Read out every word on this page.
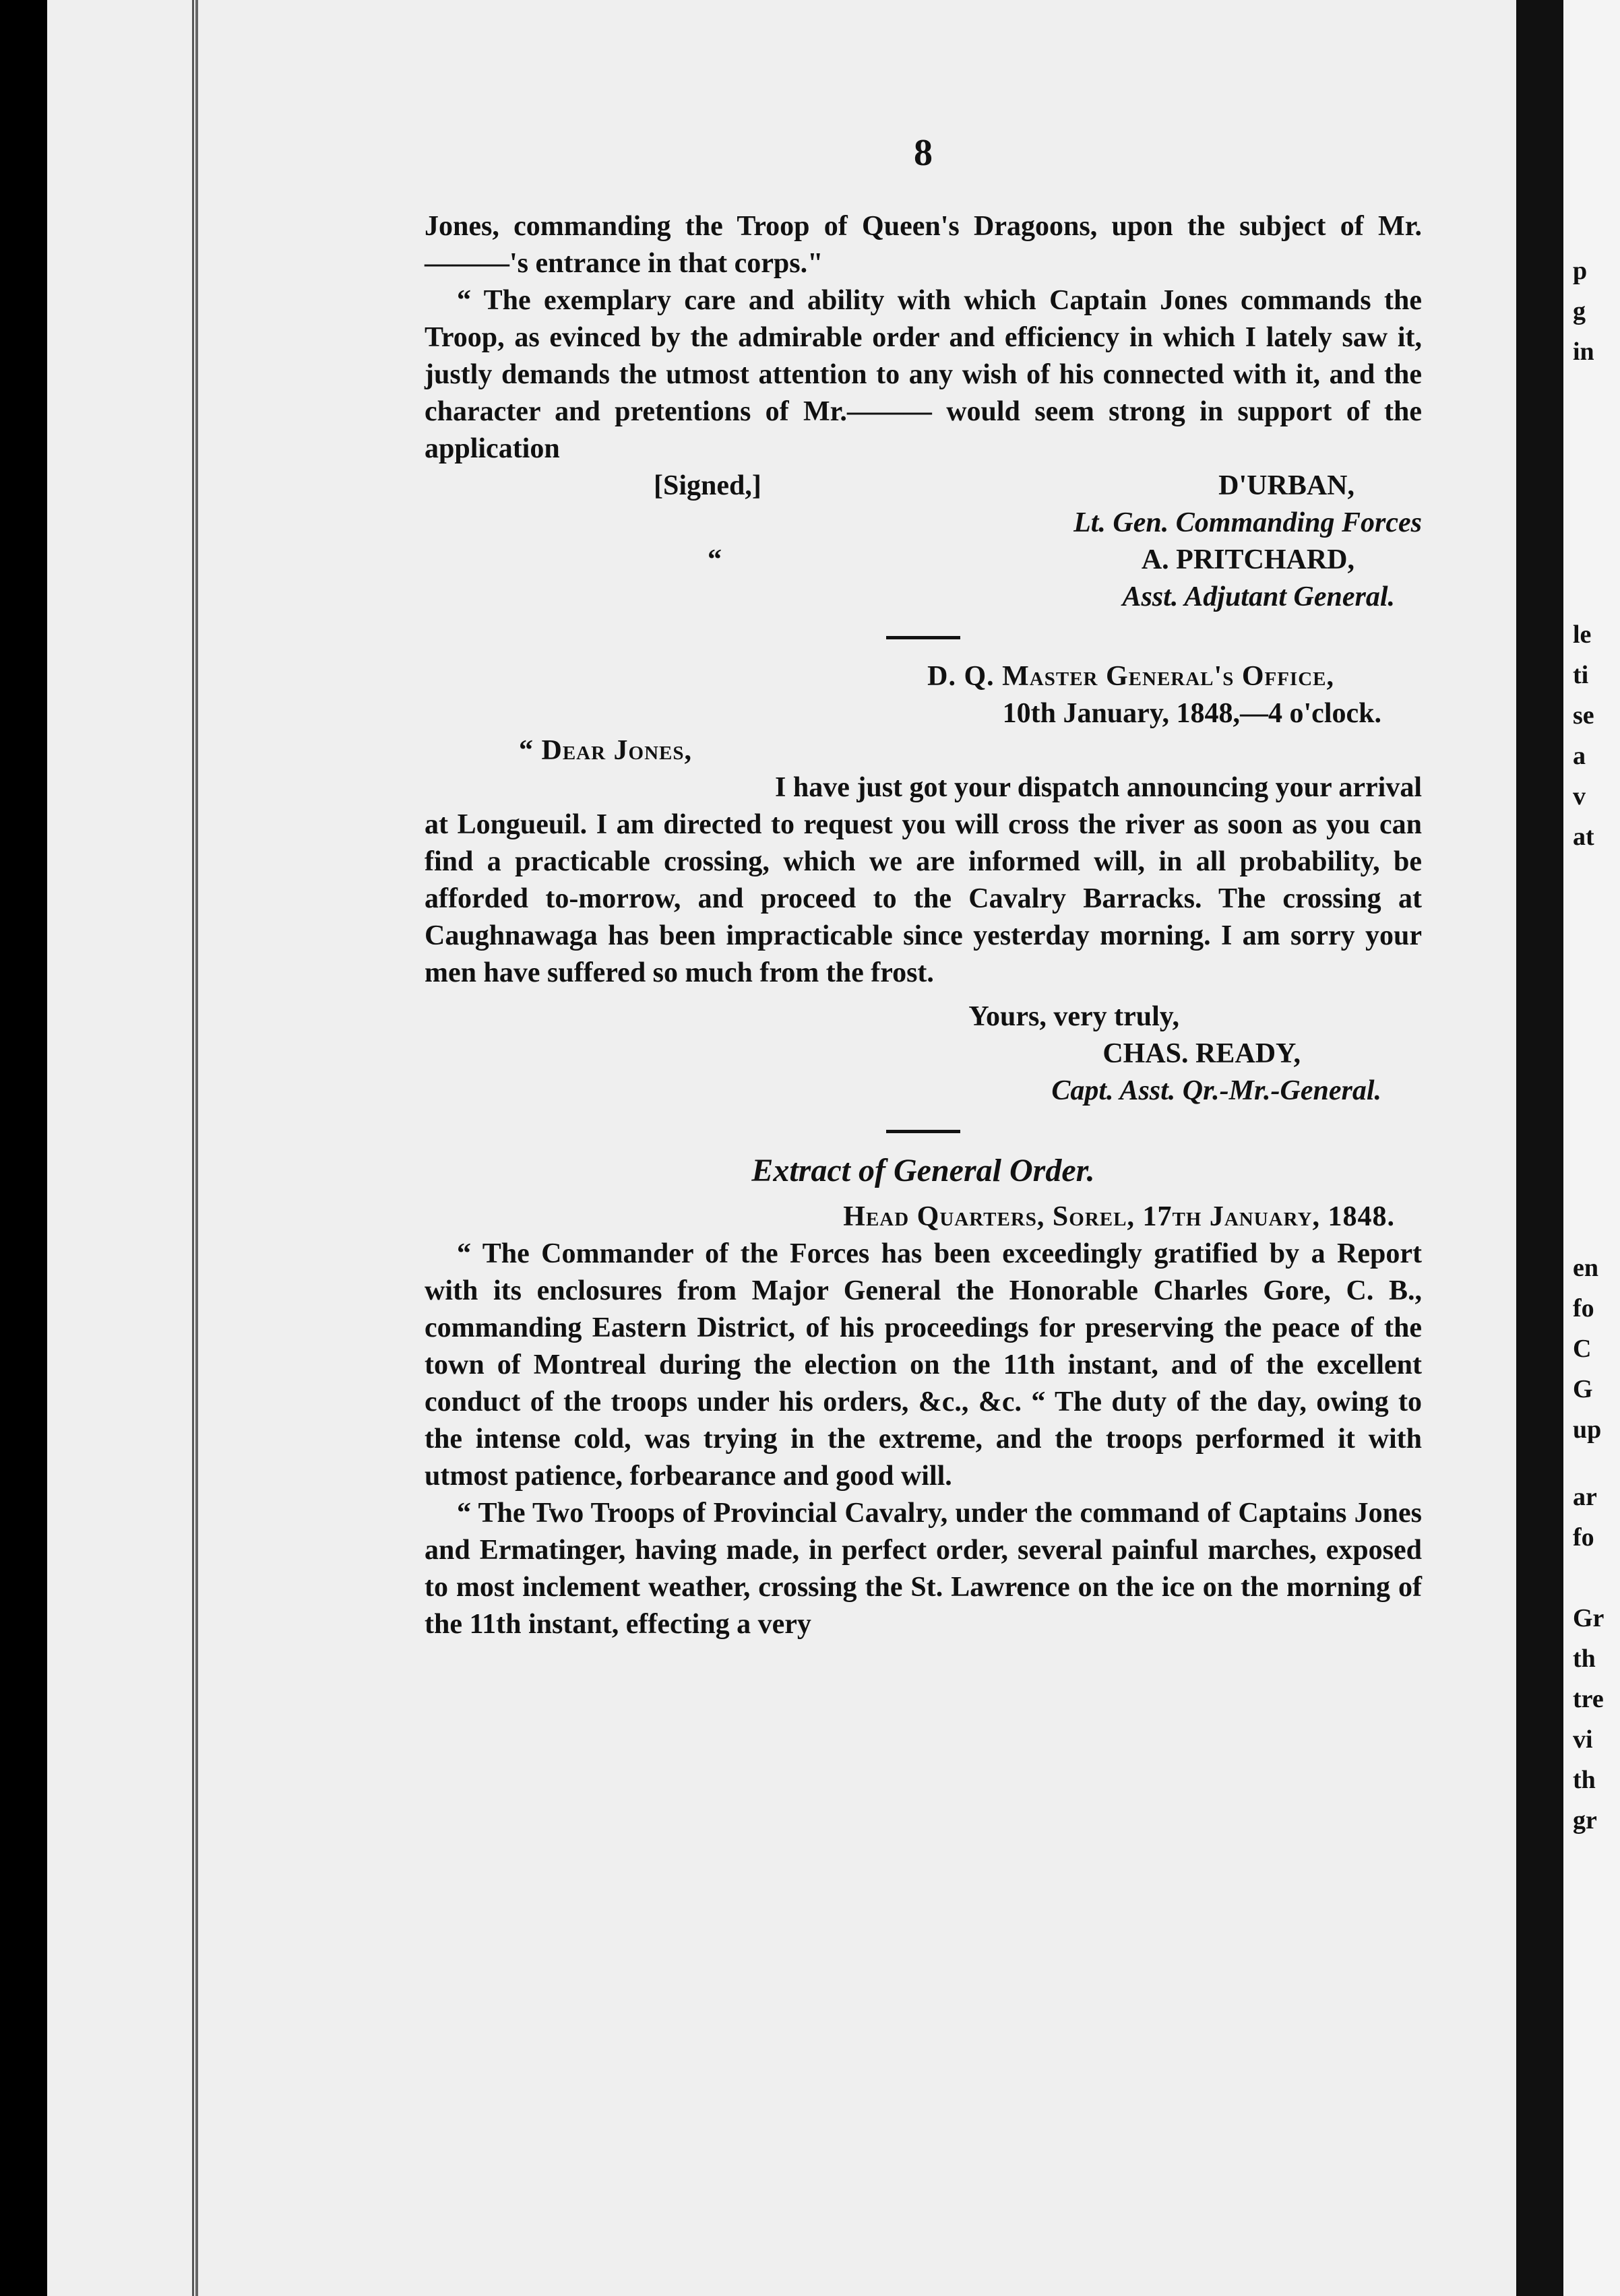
p
g
in
le
ti
se
a
v
at
en
fo
C
G
up
ar
fo
Gr
th
tre
vi
th
gr
8

Jones, commanding the Troop of Queen's Dragoons, upon the subject of Mr. ———'s entrance in that corps."

“ The exemplary care and ability with which Captain Jones commands the Troop, as evinced by the admirable order and efficiency in which I lately saw it, justly demands the utmost attention to any wish of his connected with it, and the character and pretentions of Mr.——— would seem strong in support of the application

[Signed,]	D'URBAN,
Lt. Gen. Commanding Forces
“	A. PRITCHARD,
Asst. Adjutant General.
D. Q. Master General's Office,
10th January, 1848,—4 o'clock.
“ Dear Jones,

I have just got your dispatch announcing your arrival at Longueuil. I am directed to request you will cross the river as soon as you can find a practicable crossing, which we are informed will, in all probability, be afforded to-morrow, and proceed to the Cavalry Barracks. The crossing at Caughnawaga has been impracticable since yesterday morning. I am sorry your men have suffered so much from the frost.

Yours, very truly,
CHAS. READY,
Capt. Asst. Qr.-Mr.-General.
Extract of General Order.
Head Quarters, Sorel, 17th January, 1848.

“ The Commander of the Forces has been exceedingly gratified by a Report with its enclosures from Major General the Honorable Charles Gore, C. B., commanding Eastern District, of his proceedings for preserving the peace of the town of Montreal during the election on the 11th instant, and of the excellent conduct of the troops under his orders, &c., &c. “ The duty of the day, owing to the intense cold, was trying in the extreme, and the troops performed it with utmost patience, forbearance and good will.

“ The Two Troops of Provincial Cavalry, under the command of Captains Jones and Ermatinger, having made, in perfect order, several painful marches, exposed to most inclement weather, crossing the St. Lawrence on the ice on the morning of the 11th instant, effecting a very
